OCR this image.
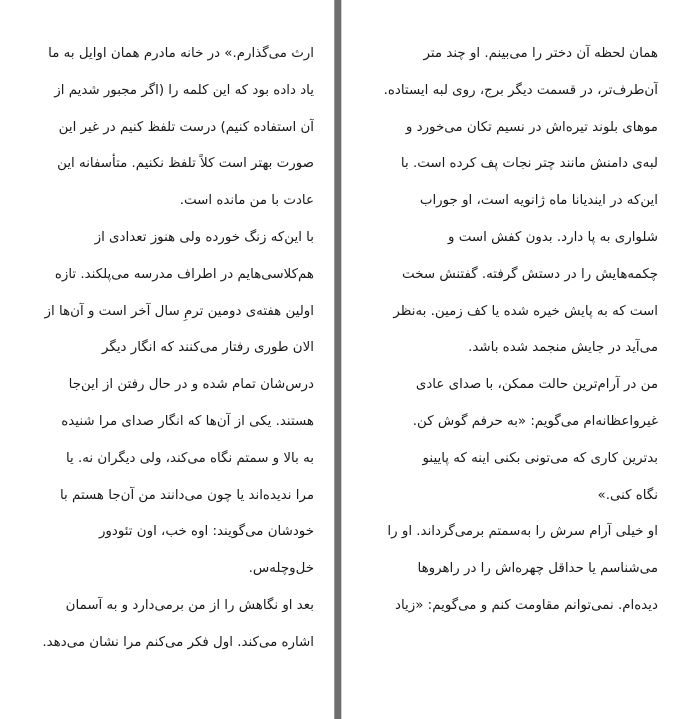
ارث می‌گذارم.» در خانه مادرم همان اوایل به ما
یاد داده بود که این کلمه را (اگر مجبور شدیم از
آن استفاده کنیم) درست تلفظ کنیم در غیر این
صورت بهتر است کلاً تلفظ نکنیم. متأسفانه این
عادت با من مانده است.
با این‌که زنگ خورده ولی هنوز تعدادی از
هم‌کلاسی‌هایم در اطراف مدرسه می‌پلکند. تازه
اولین هفته‌ی دومین ترمِ سال آخر است و آن‌ها از
الان طوری رفتار می‌کنند که انگار دیگر
درس‌شان تمام شده و در حال رفتن از این‌جا
هستند. یکی از آن‌ها که انگار صدای مرا شنیده
به بالا و سمتم نگاه می‌کند، ولی دیگران نه. یا
مرا ندیده‌اند یا چون می‌دانند من آن‌جا هستم با
خودشان می‌گویند: اوه خب، اون تئودور
خل‌وچله‌س.
بعد او نگاهش را از من برمی‌دارد و به آسمان
اشاره می‌کند. اول فکر می‌کنم مرا نشان می‌دهد.
همان لحظه آن دختر را می‌بینم. او چند متر
آن‌طرف‌تر، در قسمت دیگر برج، روی لبه ایستاده.
موهای بلوند تیره‌اش در نسیم تکان می‌خورد و
لبه‌ی دامنش مانند چتر نجات پف کرده است. با
این‌که در ایندیانا ماه ژانویه است، او جوراب
شلواری به پا دارد. بدون کفش است و
چکمه‌هایش را در دستش گرفته. گفتنش سخت
است که به پایش خیره شده یا کف زمین. به‌نظر
می‌آید در جایش منجمد شده باشد.
من در آرام‌ترین حالت ممکن، با صدای عادی
غیرواعظانه‌ام می‌گویم: «به حرفم گوش کن.
بدترین کاری که می‌تونی بکنی اینه که پایینو
نگاه کنی.»
او خیلی آرام سرش را به‌سمتم برمی‌گرداند. او را
می‌شناسم یا حداقل چهره‌اش را در راهروها
دیده‌ام. نمی‌توانم مقاومت کنم و می‌گویم: «زیاد
